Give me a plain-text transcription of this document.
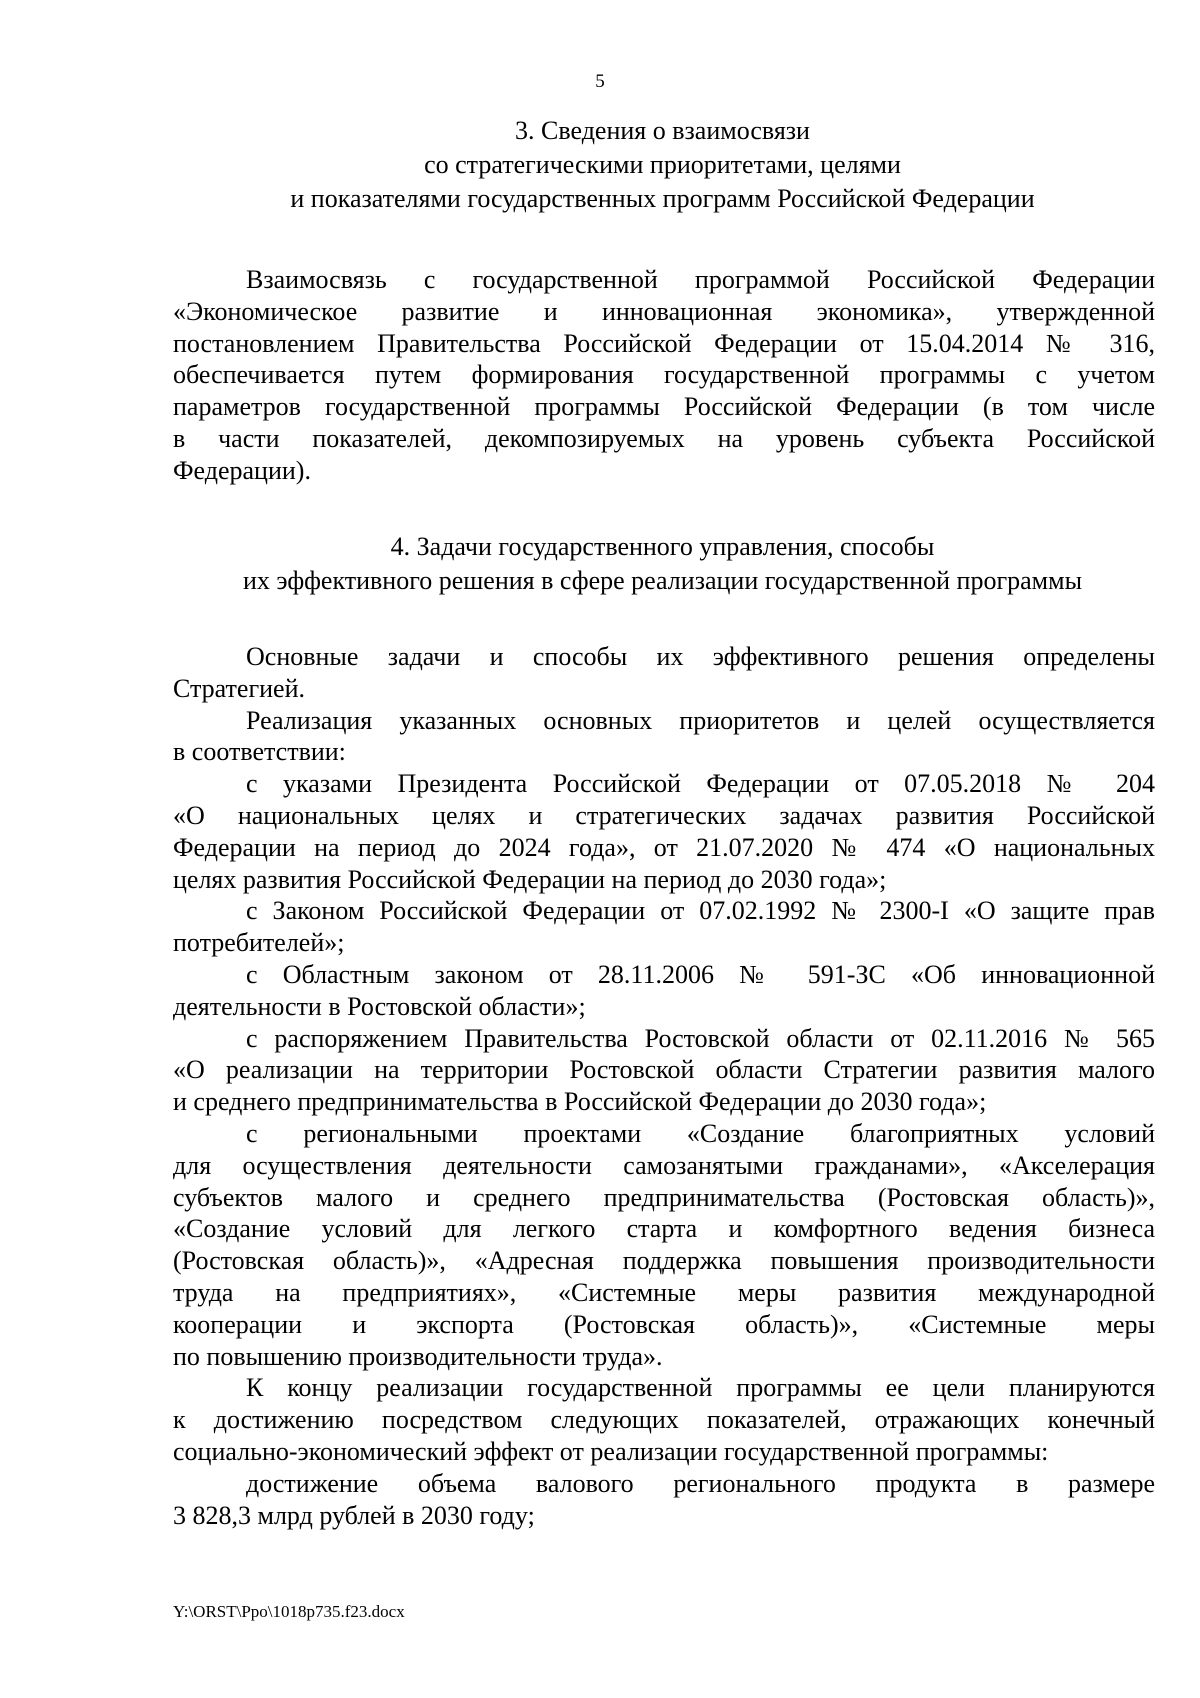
5
3. Сведения о взаимосвязи
со стратегическими приоритетами, целями
и показателями государственных программ Российской Федерации
Взаимосвязь с государственной программой Российской Федерации
«Экономическое развитие и инновационная экономика», утвержденной
постановлением Правительства Российской Федерации от 15.04.2014 № 316,
обеспечивается путем формирования государственной программы с учетом
параметров государственной программы Российской Федерации (в том числе
в части показателей, декомпозируемых на уровень субъекта Российской
Федерации).
4. Задачи государственного управления, способы
их эффективного решения в сфере реализации государственной программы
Основные задачи и способы их эффективного решения определены
Стратегией.
Реализация указанных основных приоритетов и целей осуществляется
в соответствии:
с указами Президента Российской Федерации от 07.05.2018 № 204
«О национальных целях и стратегических задачах развития Российской
Федерации на период до 2024 года», от 21.07.2020 № 474 «О национальных
целях развития Российской Федерации на период до 2030 года»;
с Законом Российской Федерации от 07.02.1992 № 2300-I «О защите прав
потребителей»;
с Областным законом от 28.11.2006 № 591-ЗС «Об инновационной
деятельности в Ростовской области»;
с распоряжением Правительства Ростовской области от 02.11.2016 № 565
«О реализации на территории Ростовской области Стратегии развития малого
и среднего предпринимательства в Российской Федерации до 2030 года»;
с региональными проектами «Создание благоприятных условий
для осуществления деятельности самозанятыми гражданами», «Акселерация
субъектов малого и среднего предпринимательства (Ростовская область)»,
«Создание условий для легкого старта и комфортного ведения бизнеса
(Ростовская область)», «Адресная поддержка повышения производительности
труда на предприятиях», «Системные меры развития международной
кооперации и экспорта (Ростовская область)», «Системные меры
по повышению производительности труда».
К концу реализации государственной программы ее цели планируются
к достижению посредством следующих показателей, отражающих конечный
социально-экономический эффект от реализации государственной программы:
достижение объема валового регионального продукта в размере
3 828,3 млрд рублей в 2030 году;
Y:\ORST\Ppo\1018p735.f23.docx
